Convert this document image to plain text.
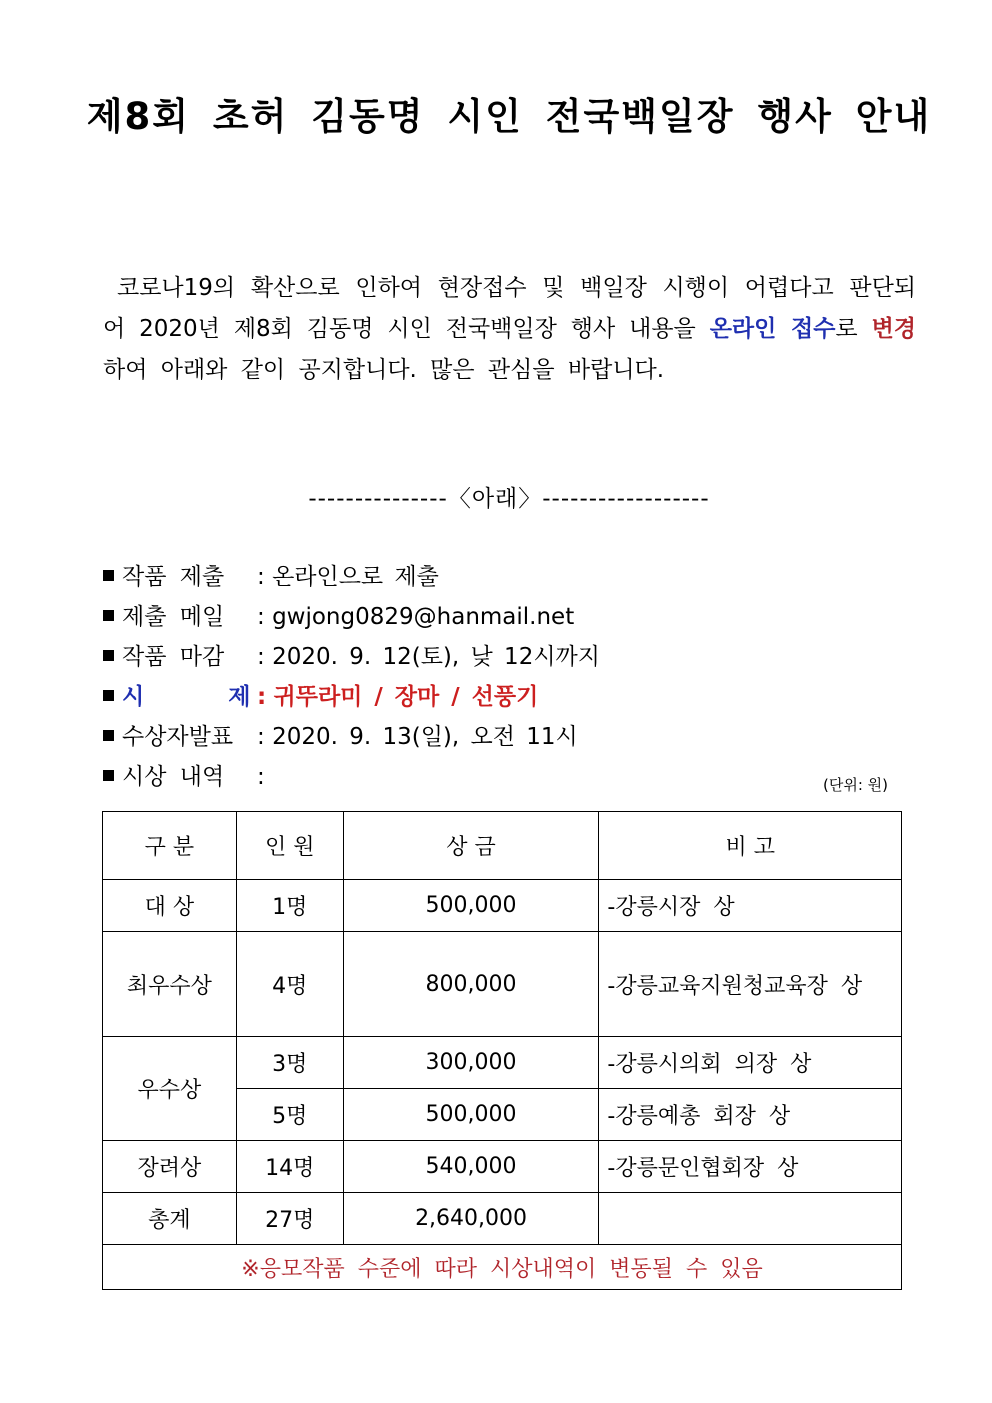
제8회 초허 김동명 시인 전국백일장 행사 안내
코로나19의 확산으로 인하여 현장접수 및 백일장 시행이 어렵다고 판단되어 2020년 제8회 김동명 시인 전국백일장 행사 내용을 온라인 접수로 변경하여 아래와 같이 공지합니다. 많은 관심을 바랍니다.
---------------〈아래〉------------------
작품 제출 : 온라인으로 제출
제출 메일 : gwjong0829@hanmail.net
작품 마감 : 2020. 9. 12(토), 낮 12시까지
시      제 : 귀뚜라미 / 장마 / 선풍기
수상자발표 : 2020. 9. 13(일), 오전 11시
시상 내역 :	(단위: 원)
구 분	인 원	상 금	비 고
대 상	1명	500,000	-강릉시장 상
최우수상	4명	800,000	-강릉교육지원청교육장 상
우수상	3명	300,000	-강릉시의회 의장 상
	5명	500,000	-강릉예총 회장 상
장려상	14명	540,000	-강릉문인협회장 상
총계	27명	2,640,000	
※응모작품 수준에 따라 시상내역이 변동될 수 있음			
